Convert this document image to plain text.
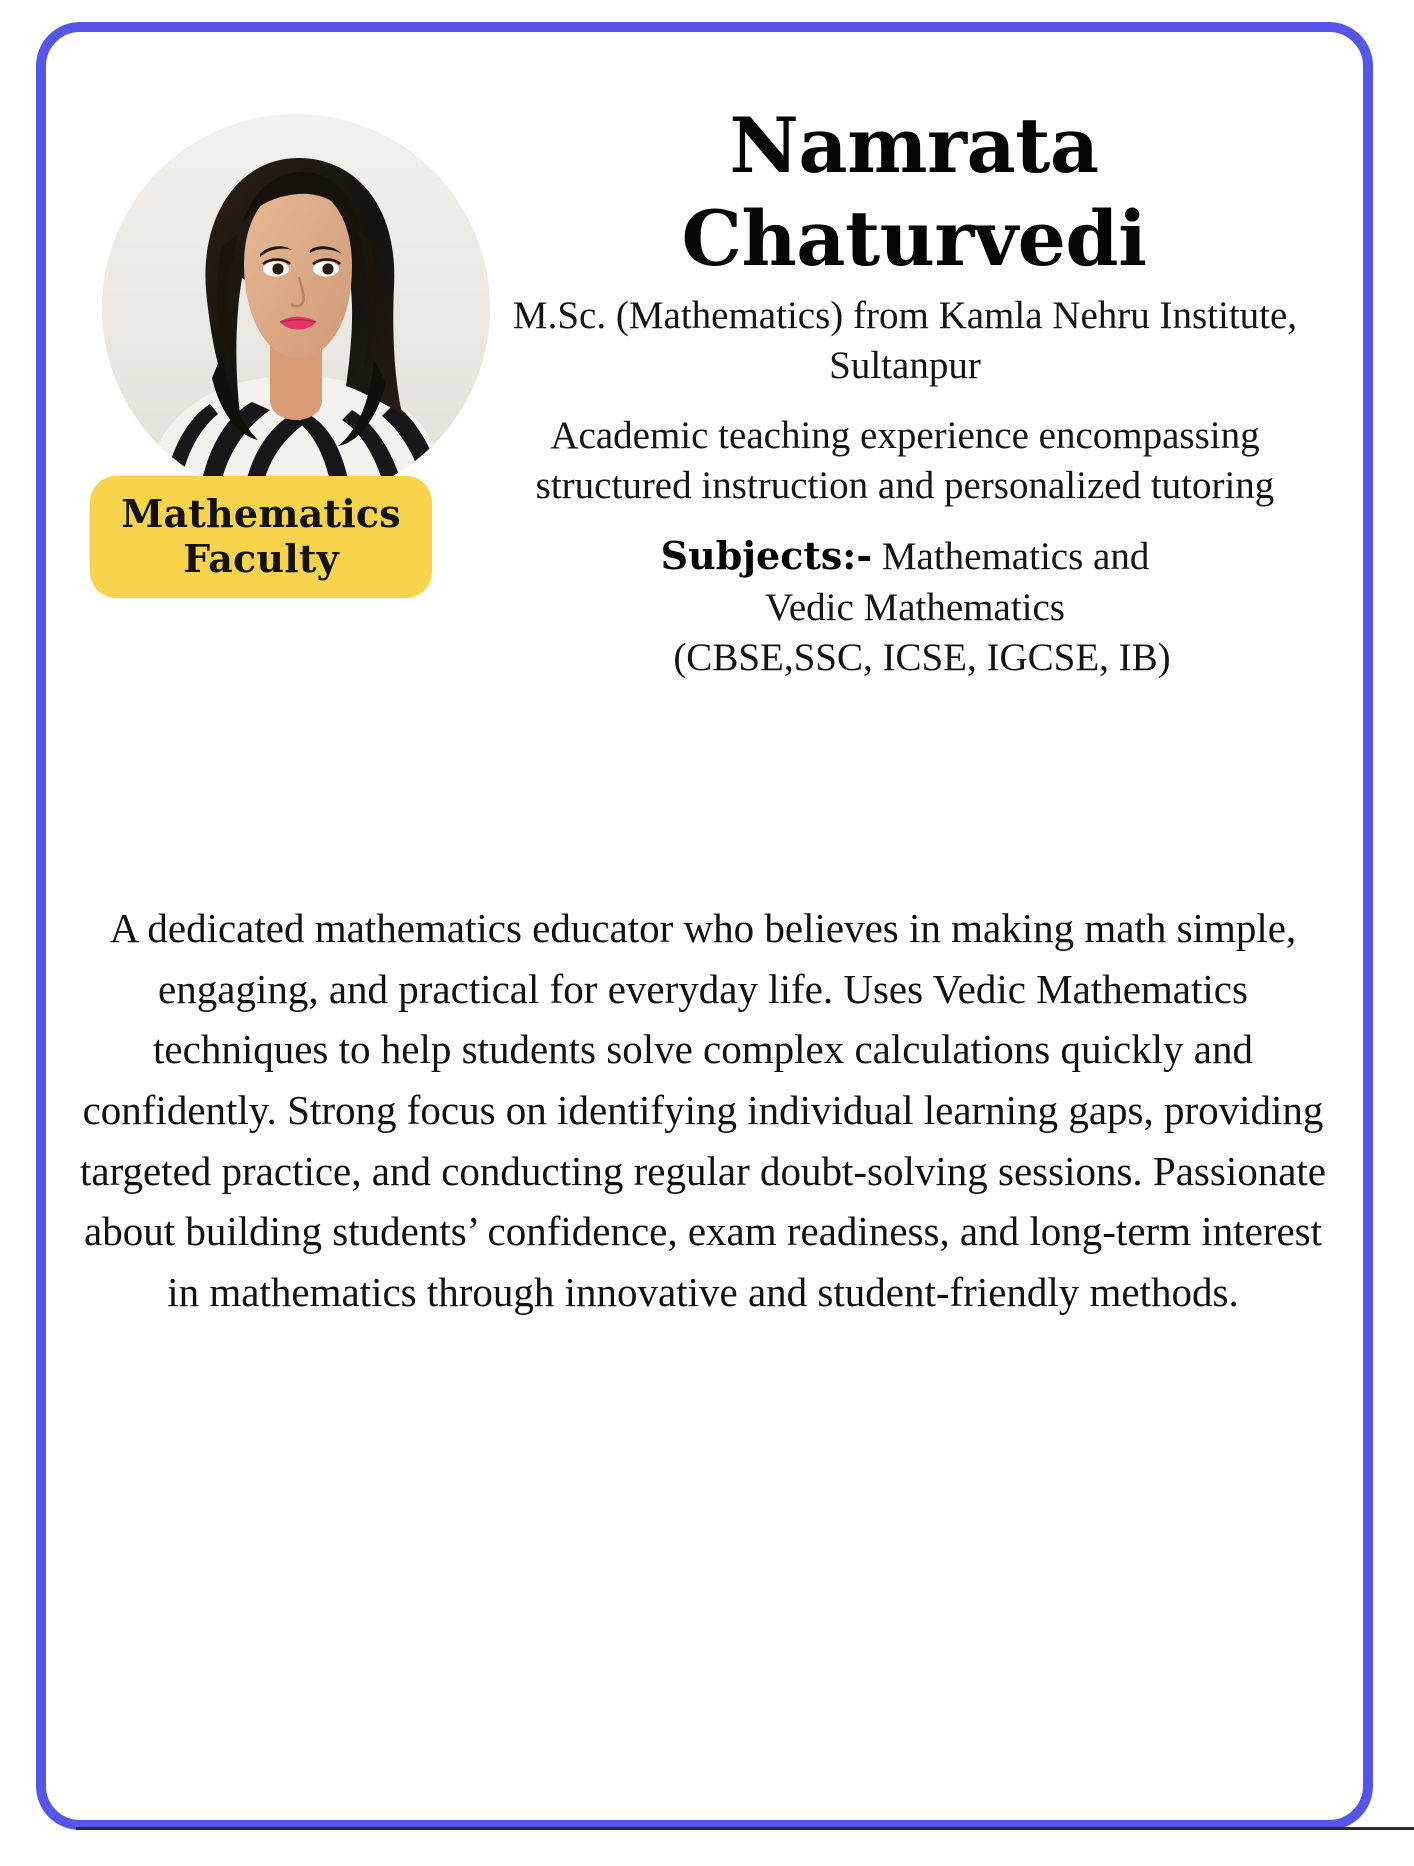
Mathematics Faculty
Namrata Chaturvedi

M.Sc. (Mathematics) from Kamla Nehru Institute, Sultanpur

Academic teaching experience encompassing structured instruction and personalized tutoring

Subjects:- Mathematics and
Vedic Mathematics
(CBSE,SSC, ICSE, IGCSE, IB)

A dedicated mathematics educator who believes in making math simple, engaging, and practical for everyday life. Uses Vedic Mathematics techniques to help students solve complex calculations quickly and confidently. Strong focus on identifying individual learning gaps, providing targeted practice, and conducting regular doubt-solving sessions. Passionate about building students’ confidence, exam readiness, and long-term interest in mathematics through innovative and student-friendly methods.
